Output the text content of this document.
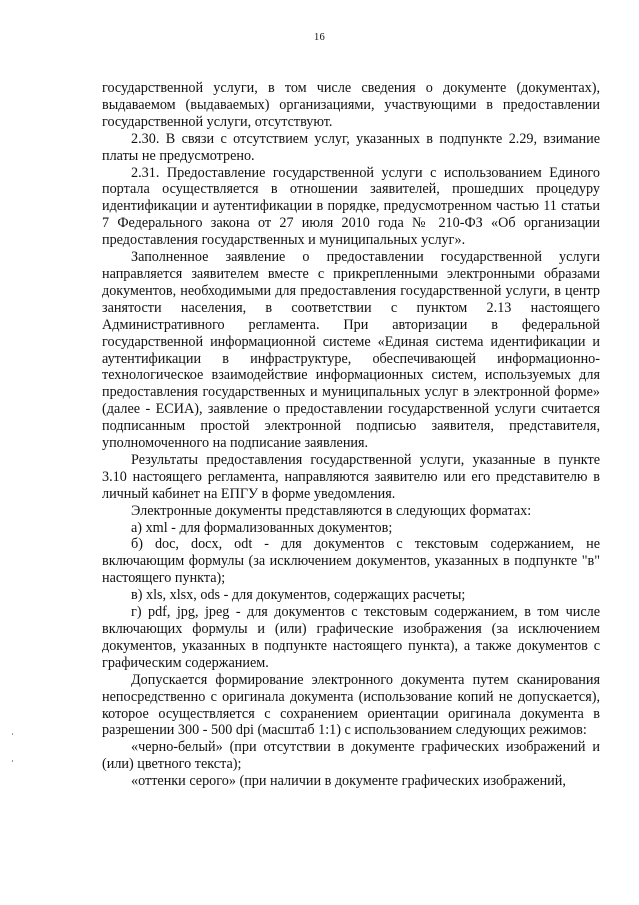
16

государственной услуги, в том числе сведения о документе (документах), выдаваемом (выдаваемых) организациями, участвующими в предоставлении государственной услуги, отсутствуют.

2.30. В связи с отсутствием услуг, указанных в подпункте 2.29, взимание платы не предусмотрено.

2.31. Предоставление государственной услуги с использованием Единого портала осуществляется в отношении заявителей, прошедших процедуру идентификации и аутентификации в порядке, предусмотренном частью 11 статьи 7 Федерального закона от 27 июля 2010 года № 210-ФЗ «Об организации предоставления государственных и муниципальных услуг».

Заполненное заявление о предоставлении государственной услуги направляется заявителем вместе с прикрепленными электронными образами документов, необходимыми для предоставления государственной услуги, в центр занятости населения, в соответствии с пунктом 2.13 настоящего Административного регламента. При авторизации в федеральной государственной информационной системе «Единая система идентификации и аутентификации в инфраструктуре, обеспечивающей информационно-технологическое взаимодействие информационных систем, используемых для предоставления государственных и муниципальных услуг в электронной форме» (далее - ЕСИА), заявление о предоставлении государственной услуги считается подписанным простой электронной подписью заявителя, представителя, уполномоченного на подписание заявления.

Результаты предоставления государственной услуги, указанные в пункте 3.10 настоящего регламента, направляются заявителю или его представителю в личный кабинет на ЕПГУ в форме уведомления.

Электронные документы представляются в следующих форматах:

а) xml - для формализованных документов;

б) doc, docx, odt - для документов с текстовым содержанием, не включающим формулы (за исключением документов, указанных в подпункте "в" настоящего пункта);

в) xls, xlsx, ods - для документов, содержащих расчеты;

г) pdf, jpg, jpeg - для документов с текстовым содержанием, в том числе включающих формулы и (или) графические изображения (за исключением документов, указанных в подпункте настоящего пункта), а также документов с графическим содержанием.

Допускается формирование электронного документа путем сканирования непосредственно с оригинала документа (использование копий не допускается), которое осуществляется с сохранением ориентации оригинала документа в разрешении 300 - 500 dpi (масштаб 1:1) с использованием следующих режимов:

«черно-белый» (при отсутствии в документе графических изображений и (или) цветного текста);

«оттенки серого» (при наличии в документе графических изображений,
